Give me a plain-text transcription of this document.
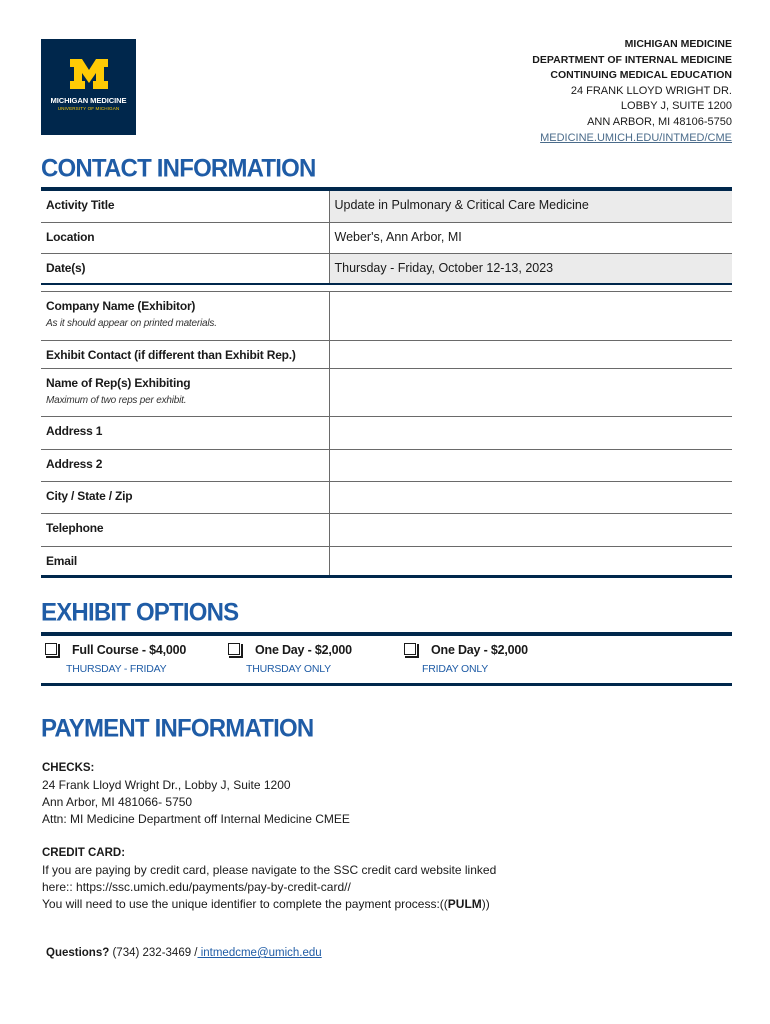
MICHIGAN MEDICINE
UNIVERSITY OF MICHIGAN
MICHIGAN MEDICINE
DEPARTMENT OF INTERNAL MEDICINE
CONTINUING MEDICAL EDUCATION
24 FRANK LLOYD WRIGHT DR.
LOBBY J, SUITE 1200
ANN ARBOR, MI 48106-5750
MEDICINE.UMICH.EDU/INTMED/CME
CONTACT INFORMATION
Activity Title	Update in Pulmonary & Critical Care Medicine
Location	Weber's, Ann Arbor, MI
Date(s)	Thursday - Friday, October 12-13, 2023
Company Name (Exhibitor)
As it should appear on printed materials.	

Exhibit Contact (if different than Exhibit Rep.)	
Name of Rep(s) Exhibiting
Maximum of two reps per exhibit.	

Address 1	
Address 2	
City / State / Zip	
Telephone	
Email	
EXHIBIT OPTIONS
Full Course - $4,000
THURSDAY - FRIDAY
One Day - $2,000
THURSDAY ONLY
One Day - $2,000
FRIDAY ONLY
PAYMENT INFORMATION
CHECKS:
24 Frank Lloyd Wright Dr., Lobby J, Suite 1200
Ann Arbor, MI 481066- 5750
Attn: MI Medicine Department off Internal Medicine CMEE
CREDIT CARD:
If you are paying by credit card, please navigate to the SSC credit card website linked
here:: https://ssc.umich.edu/payments/pay-by-credit-card//
You will need to use the unique identifier to complete the payment process:((PULM))
Questions? (734) 232-3469 / intmedcme@umich.edu
